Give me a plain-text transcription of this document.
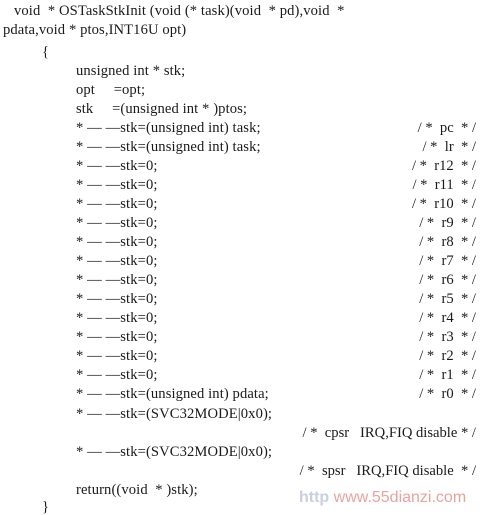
void  * OSTaskStkInit (void (* task)(void  * pd),void  *
pdata,void * ptos,INT16U opt)
{
unsigned int * stk;
opt     =opt;
stk     =(unsigned int * )ptos;
* — —stk=(unsigned int) task;	/ *  pc  * /
* — —stk=(unsigned int) task;	/ *  lr  * /
* — —stk=0;	/ *  r12  * /
* — —stk=0;	/ *  r11  * /
* — —stk=0;	/ *  r10  * /
* — —stk=0;	/ *  r9  * /
* — —stk=0;	/ *  r8  * /
* — —stk=0;	/ *  r7  * /
* — —stk=0;	/ *  r6  * /
* — —stk=0;	/ *  r5  * /
* — —stk=0;	/ *  r4  * /
* — —stk=0;	/ *  r3  * /
* — —stk=0;	/ *  r2  * /
* — —stk=0;	/ *  r1  * /
* — —stk=(unsigned int) pdata;	/ *  r0  * /
* — —stk=(SVC32MODE|0x0);
/ *  cpsr   IRQ,FIQ disable * /
* — —stk=(SVC32MODE|0x0);
/ *  spsr   IRQ,FIQ disable  * /
return((void  * )stk);
}
http www.55dianzi.com
